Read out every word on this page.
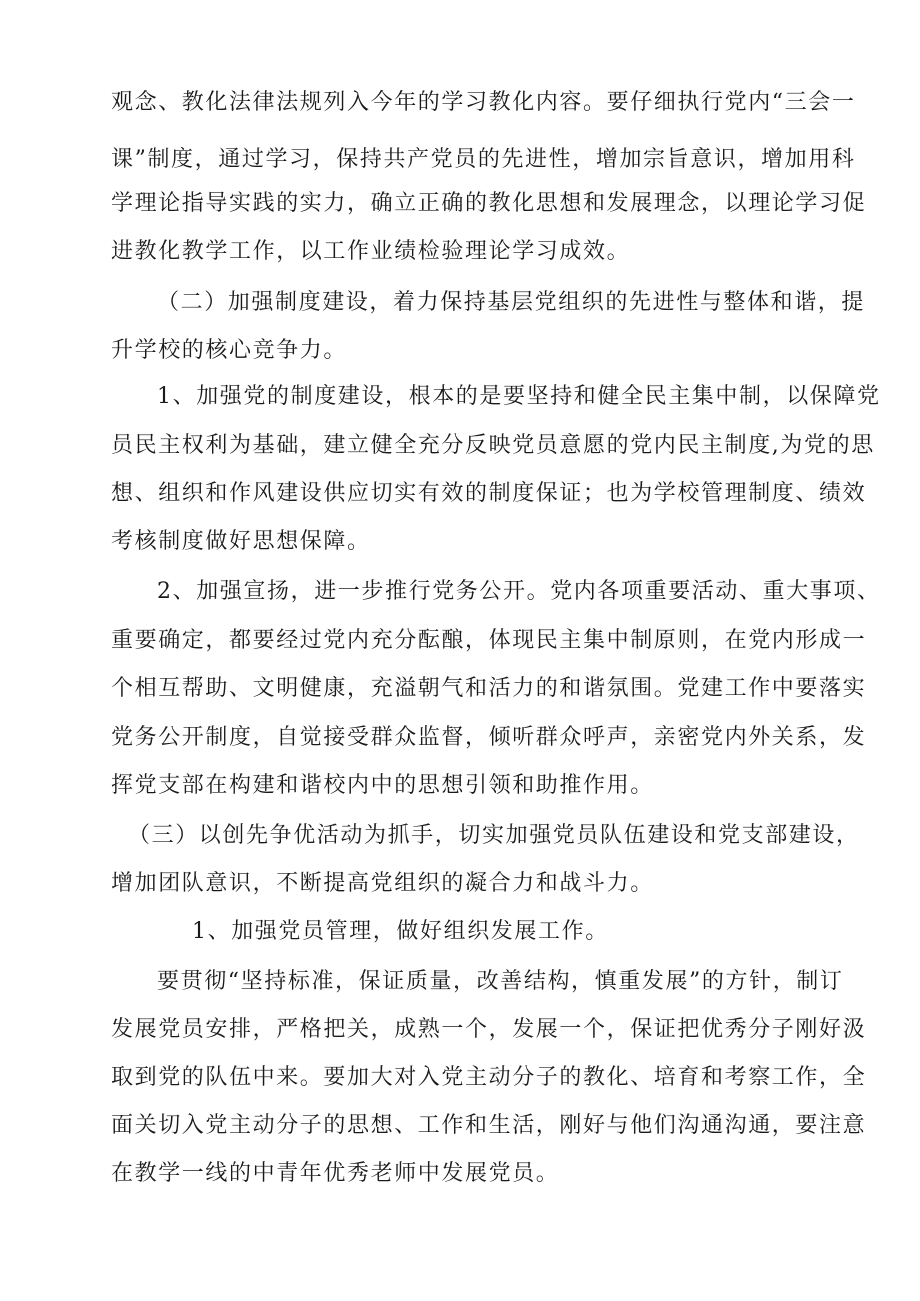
观念、教化法律法规列入今年的学习教化内容。要仔细执行党内“三会一
课”制度，通过学习，保持共产党员的先进性，增加宗旨意识，增加用科
学理论指导实践的实力，确立正确的教化思想和发展理念，以理论学习促
进教化教学工作，以工作业绩检验理论学习成效。
（二）加强制度建设，着力保持基层党组织的先进性与整体和谐，提
升学校的核心竞争力。
1、加强党的制度建设，根本的是要坚持和健全民主集中制，以保障党
员民主权利为基础，建立健全充分反映党员意愿的党内民主制度,为党的思
想、组织和作风建设供应切实有效的制度保证；也为学校管理制度、绩效
考核制度做好思想保障。
2、加强宣扬，进一步推行党务公开。党内各项重要活动、重大事项、
重要确定，都要经过党内充分酝酿，体现民主集中制原则，在党内形成一
个相互帮助、文明健康，充溢朝气和活力的和谐氛围。党建工作中要落实
党务公开制度，自觉接受群众监督，倾听群众呼声，亲密党内外关系，发
挥党支部在构建和谐校内中的思想引领和助推作用。
（三）以创先争优活动为抓手，切实加强党员队伍建设和党支部建设，
增加团队意识，不断提高党组织的凝合力和战斗力。
1、加强党员管理，做好组织发展工作。
要贯彻“坚持标准，保证质量，改善结构，慎重发展”的方针，制订
发展党员安排，严格把关，成熟一个，发展一个，保证把优秀分子刚好汲
取到党的队伍中来。要加大对入党主动分子的教化、培育和考察工作，全
面关切入党主动分子的思想、工作和生活，刚好与他们沟通沟通，要注意
在教学一线的中青年优秀老师中发展党员。
